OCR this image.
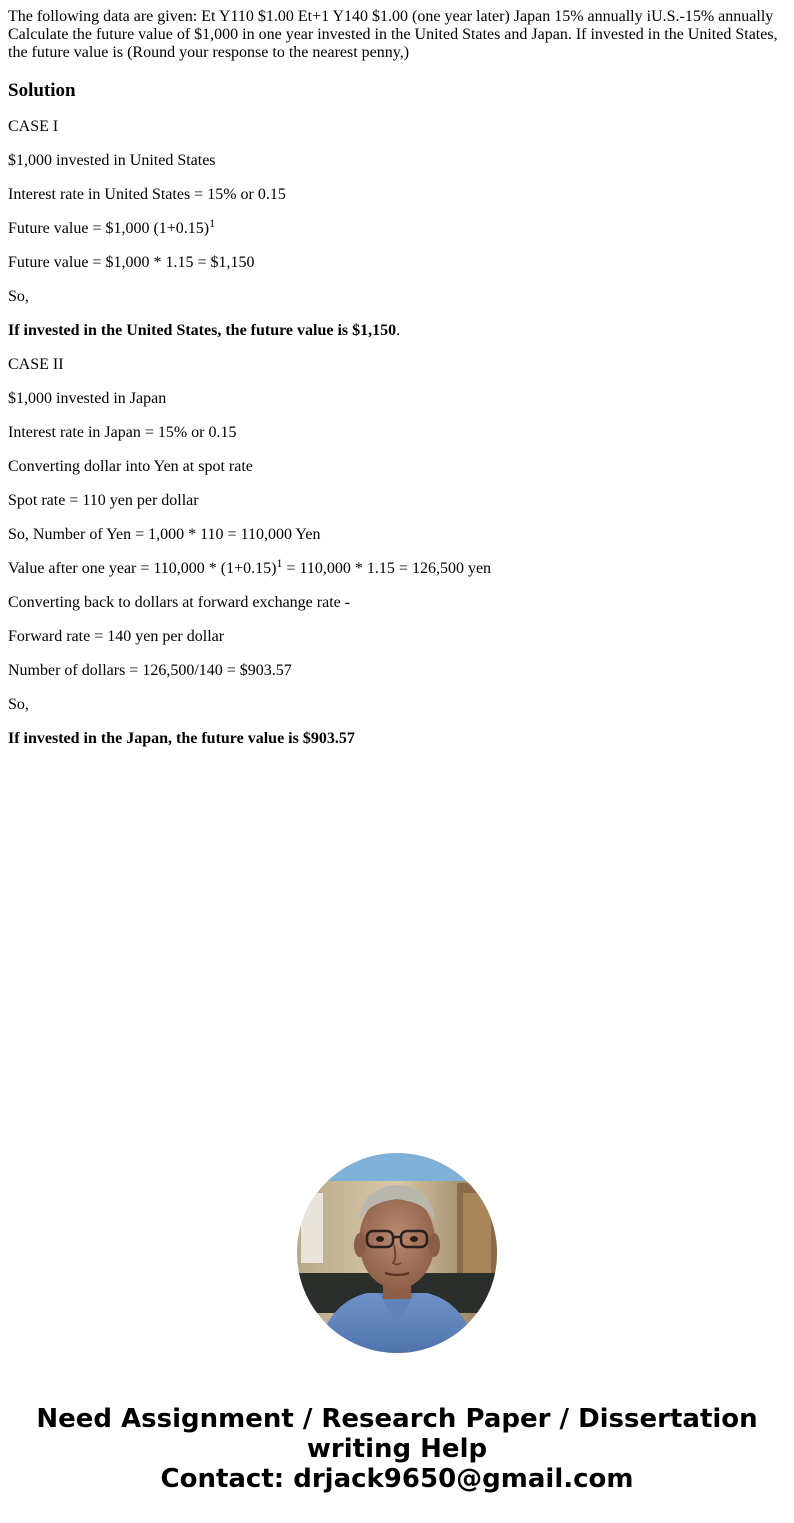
The following data are given: Et Y110 $1.00 Et+1 Y140 $1.00 (one year later) Japan 15% annually iU.S.-15% annually Calculate the future value of $1,000 in one year invested in the United States and Japan. If invested in the United States, the future value is (Round your response to the nearest penny,)
Solution

CASE I

$1,000 invested in United States

Interest rate in United States = 15% or 0.15

Future value = $1,000 $(1+0.15)^1$

Future value = $1,000 * 1.15 = $1,150

So,

If invested in the United States, the future value is $1,150.

CASE II

$1,000 invested in Japan

Interest rate in Japan = 15% or 0.15

Converting dollar into Yen at spot rate

Spot rate = 110 yen per dollar

So, Number of Yen = 1,000 * 110 = 110,000 Yen

Value after one year = $110,000 * (1+0.15)^1 = 110,000 * 1.15 = 126,500$ yen

Converting back to dollars at forward exchange rate -

Forward rate = 140 yen per dollar

Number of dollars = 126,500/140 = $903.57

So,

If invested in the Japan, the future value is $903.57

Need Assignment / Research Paper / Dissertation
writing Help
Contact: drjack9650@gmail.com
